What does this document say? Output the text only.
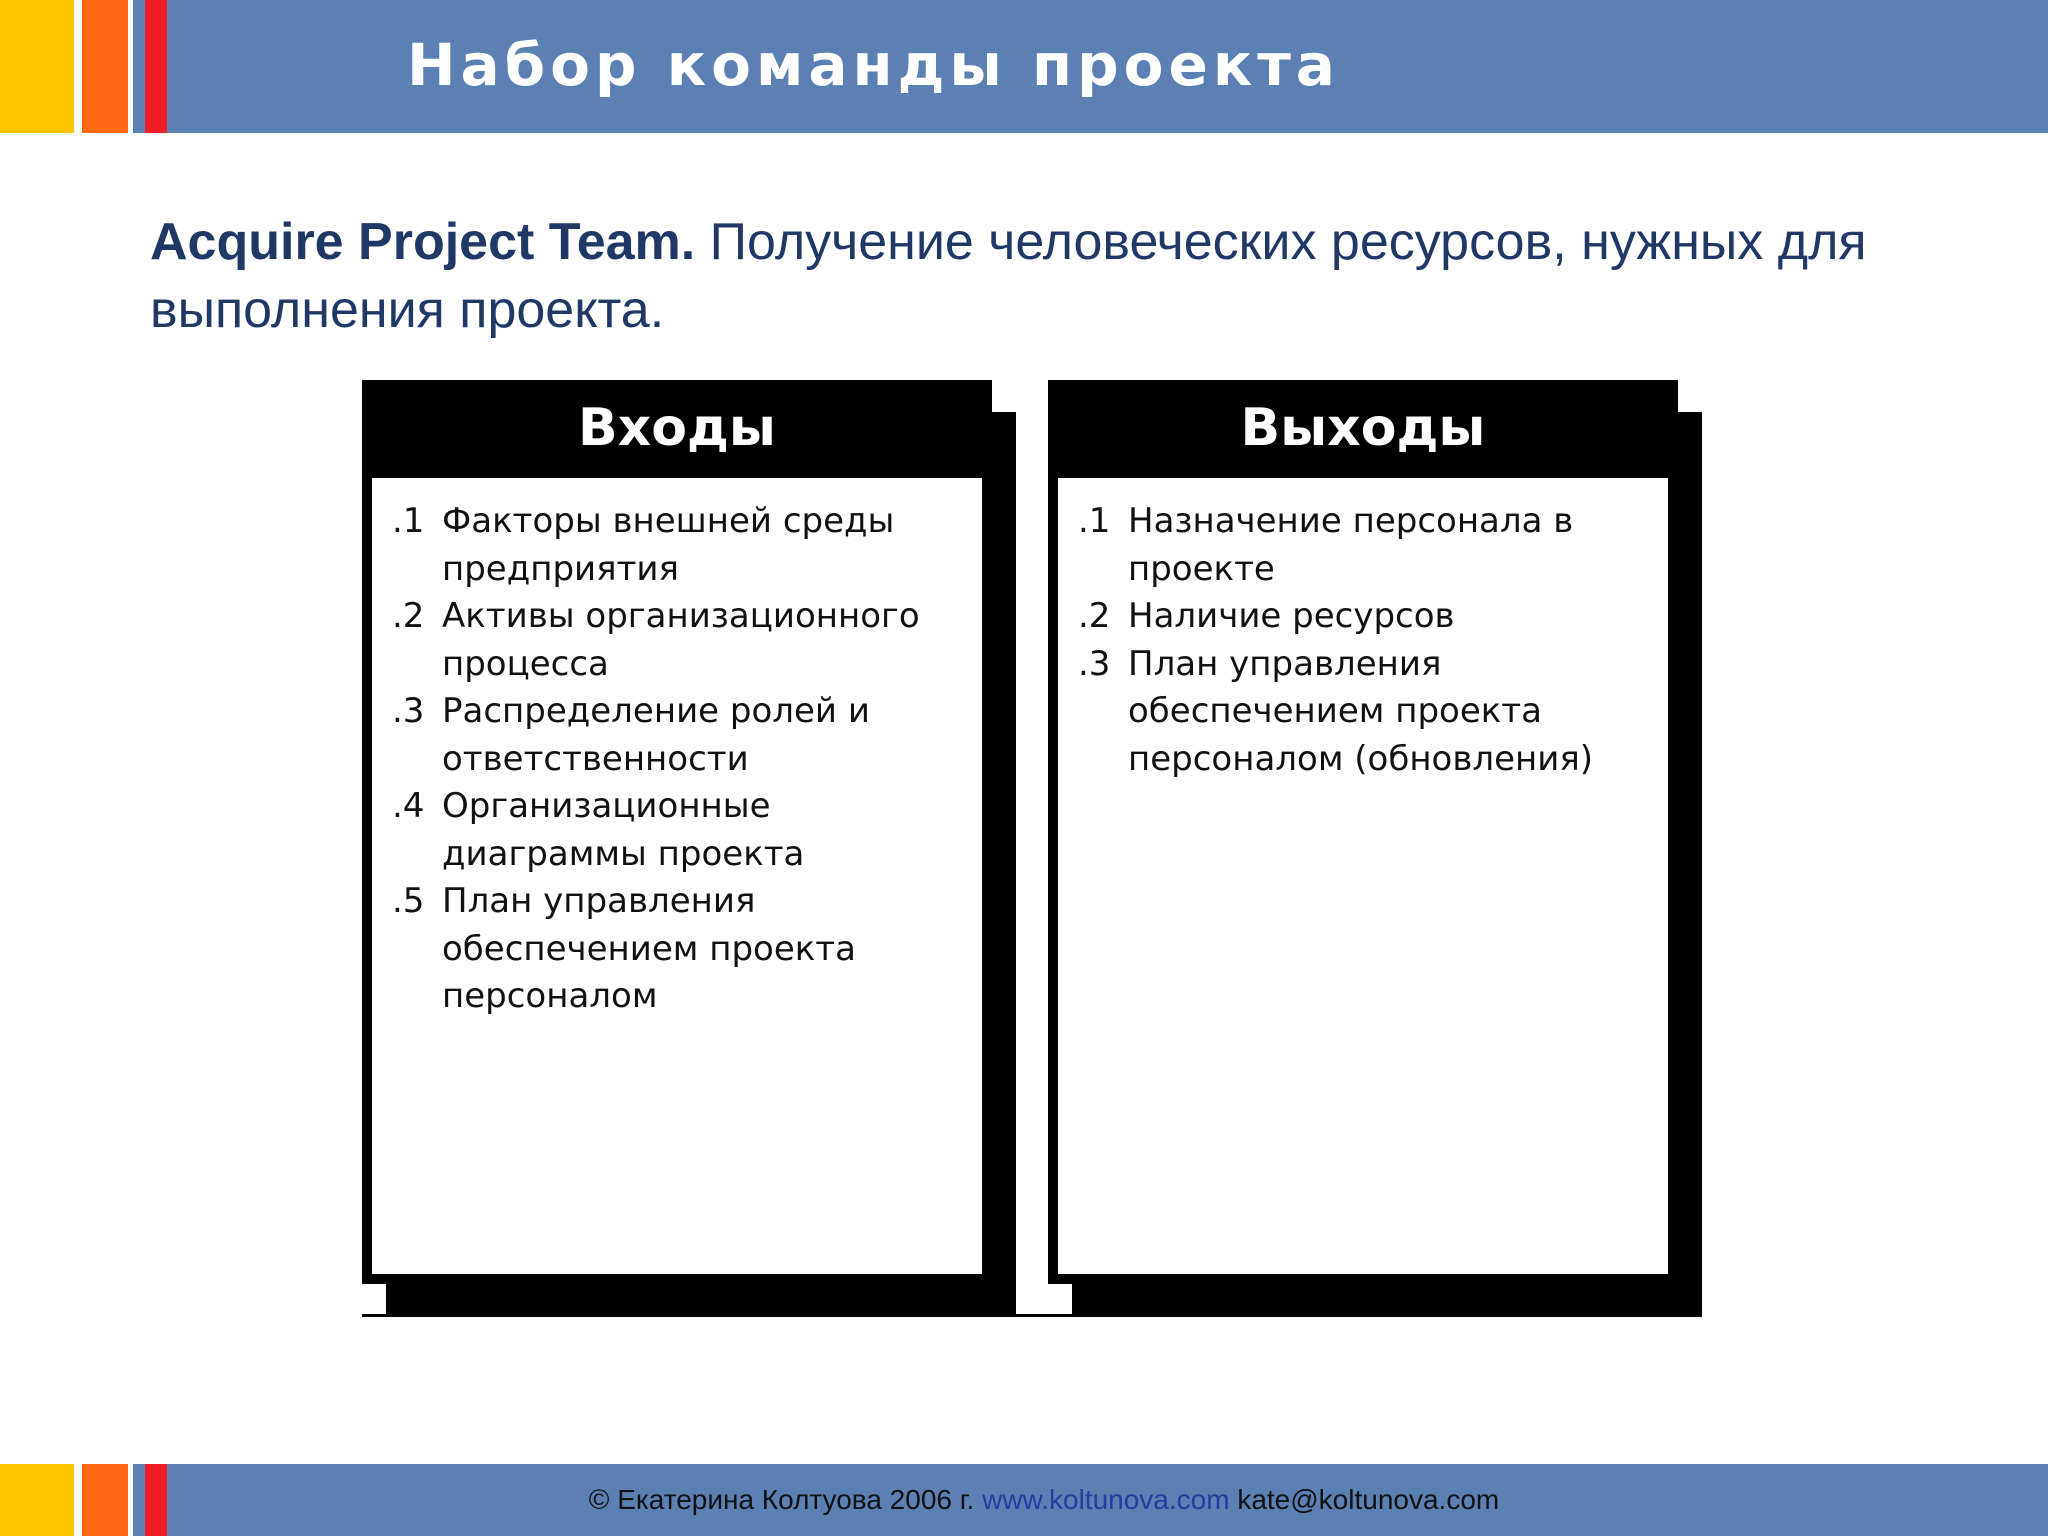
Набор команды проекта

Acquire Project Team. Получение человеческих ресурсов, нужных для выполнения проекта.

Входы
.1 Факторы внешней среды предприятия
.2 Активы организационного процесса
.3 Распределение ролей и ответственности
.4 Организационные диаграммы проекта
.5 План управления обеспечением проекта персоналом
Выходы
.1 Назначение персонала в проекте
.2 Наличие ресурсов
.3 План управления обеспечением проекта персоналом (обновления)
© Екатерина Колтуова 2006 г. www.koltunova.com kate@koltunova.com
